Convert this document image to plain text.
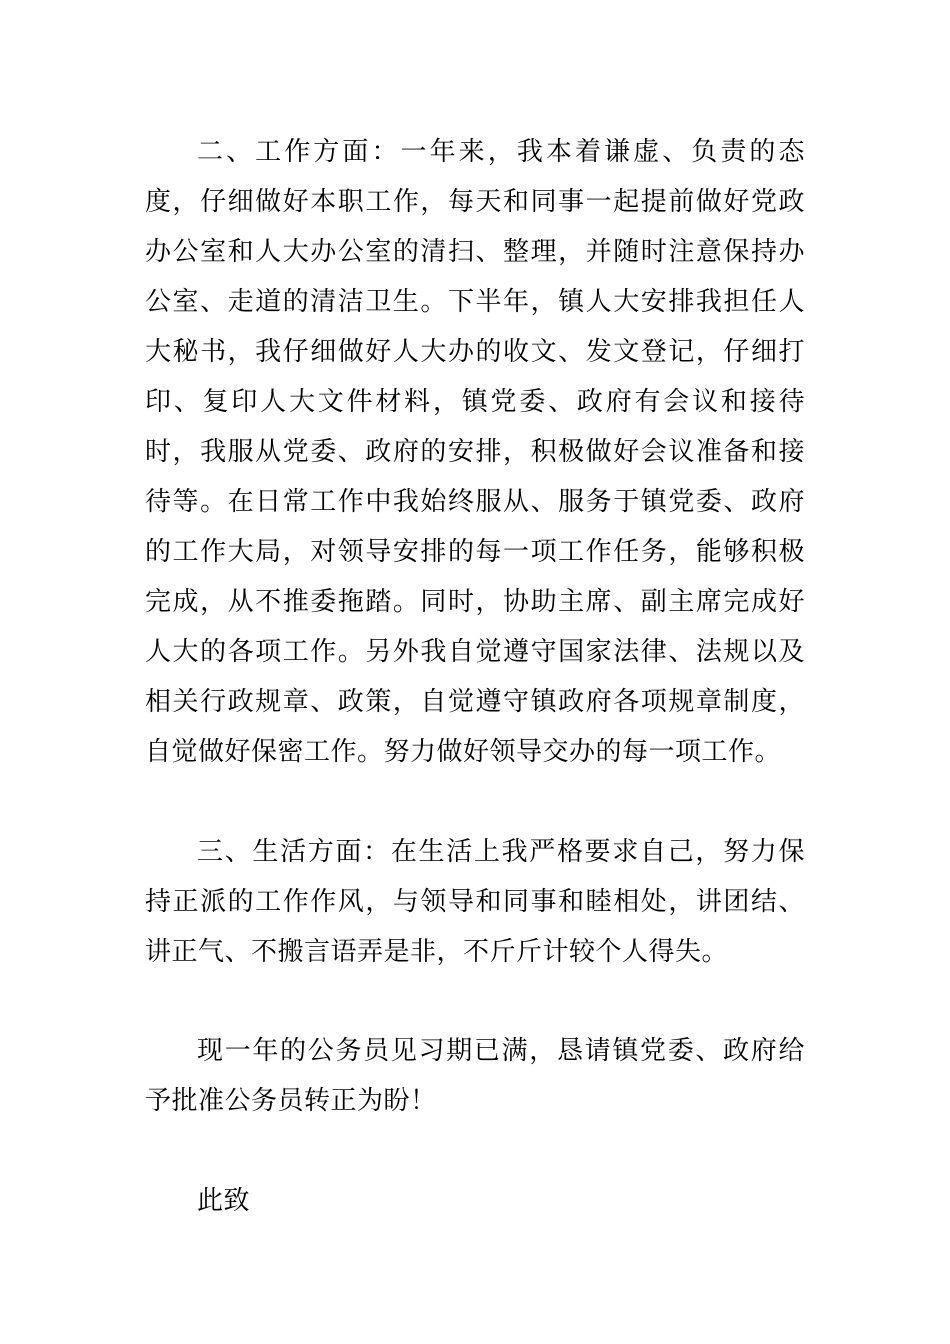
二、工作方面：一年来，我本着谦虚、负责的态度，仔细做好本职工作，每天和同事一起提前做好党政办公室和人大办公室的清扫、整理，并随时注意保持办公室、走道的清洁卫生。下半年，镇人大安排我担任人大秘书，我仔细做好人大办的收文、发文登记，仔细打印、复印人大文件材料，镇党委、政府有会议和接待时，我服从党委、政府的安排，积极做好会议准备和接待等。在日常工作中我始终服从、服务于镇党委、政府的工作大局，对领导安排的每一项工作任务，能够积极完成，从不推委拖踏。同时，协助主席、副主席完成好人大的各项工作。另外我自觉遵守国家法律、法规以及相关行政规章、政策，自觉遵守镇政府各项规章制度，自觉做好保密工作。努力做好领导交办的每一项工作。

三、生活方面：在生活上我严格要求自己，努力保持正派的工作作风，与领导和同事和睦相处，讲团结、讲正气、不搬言语弄是非，不斤斤计较个人得失。

现一年的公务员见习期已满，恳请镇党委、政府给予批准公务员转正为盼！

此致
